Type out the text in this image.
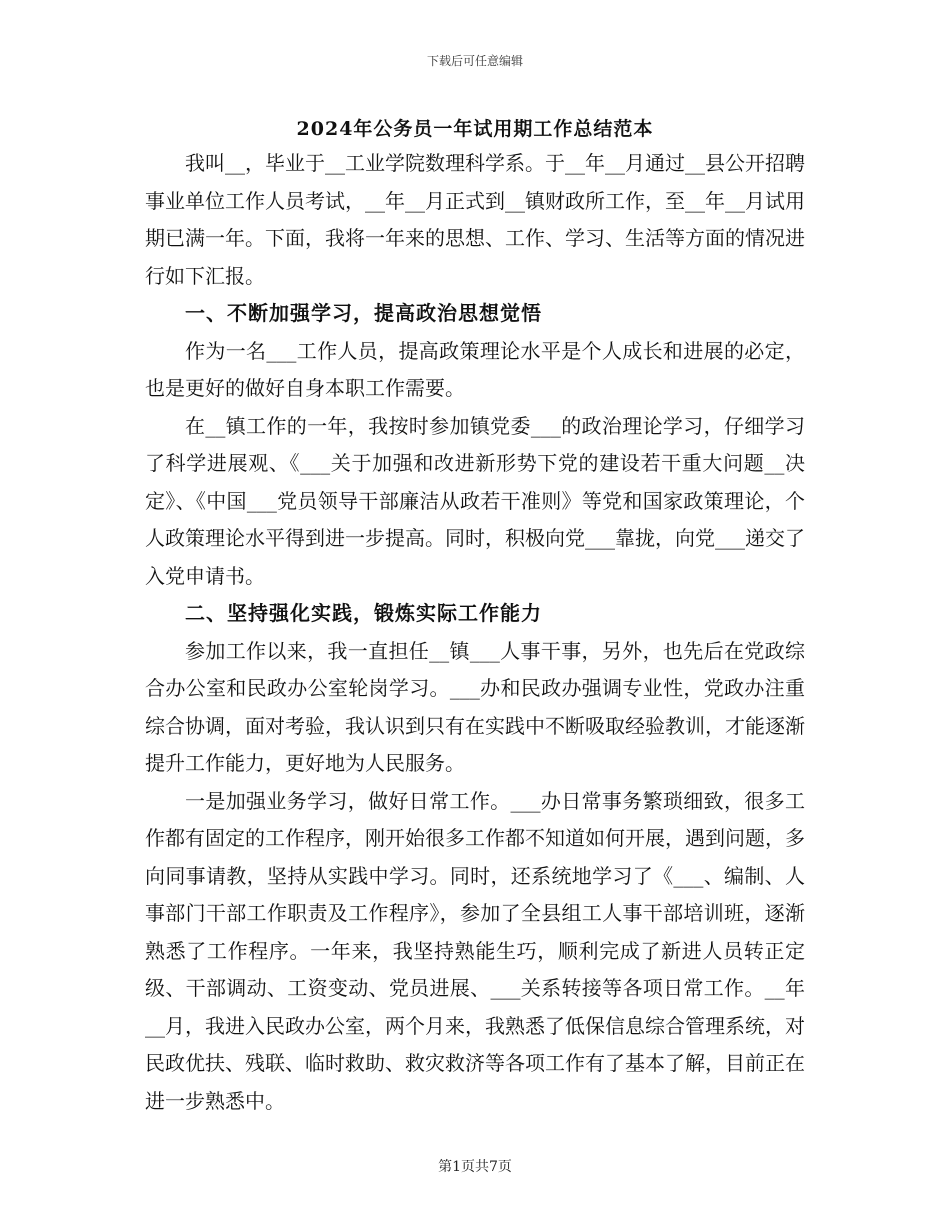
下载后可任意编辑
2024年公务员一年试用期工作总结范本

我叫__，毕业于__工业学院数理科学系。于__年__月通过__县公开招聘事业单位工作人员考试，__年__月正式到__镇财政所工作，至__年__月试用期已满一年。下面，我将一年来的思想、工作、学习、生活等方面的情况进行如下汇报。

一、不断加强学习，提高政治思想觉悟

作为一名___工作人员，提高政策理论水平是个人成长和进展的必定，也是更好的做好自身本职工作需要。

在__镇工作的一年，我按时参加镇党委___的政治理论学习，仔细学习了科学进展观、《___关于加强和改进新形势下党的建设若干重大问题__决定》、《中国___党员领导干部廉洁从政若干准则》等党和国家政策理论，个人政策理论水平得到进一步提高。同时，积极向党___靠拢，向党___递交了入党申请书。

二、坚持强化实践，锻炼实际工作能力

参加工作以来，我一直担任__镇___人事干事，另外，也先后在党政综合办公室和民政办公室轮岗学习。___办和民政办强调专业性，党政办注重综合协调，面对考验，我认识到只有在实践中不断吸取经验教训，才能逐渐提升工作能力，更好地为人民服务。

一是加强业务学习，做好日常工作。___办日常事务繁琐细致，很多工作都有固定的工作程序，刚开始很多工作都不知道如何开展，遇到问题，多向同事请教，坚持从实践中学习。同时，还系统地学习了《___、编制、人事部门干部工作职责及工作程序》，参加了全县组工人事干部培训班，逐渐熟悉了工作程序。一年来，我坚持熟能生巧，顺利完成了新进人员转正定级、干部调动、工资变动、党员进展、___关系转接等各项日常工作。__年__月，我进入民政办公室，两个月来，我熟悉了低保信息综合管理系统，对民政优扶、残联、临时救助、救灾救济等各项工作有了基本了解，目前正在进一步熟悉中。

第1页共7页
